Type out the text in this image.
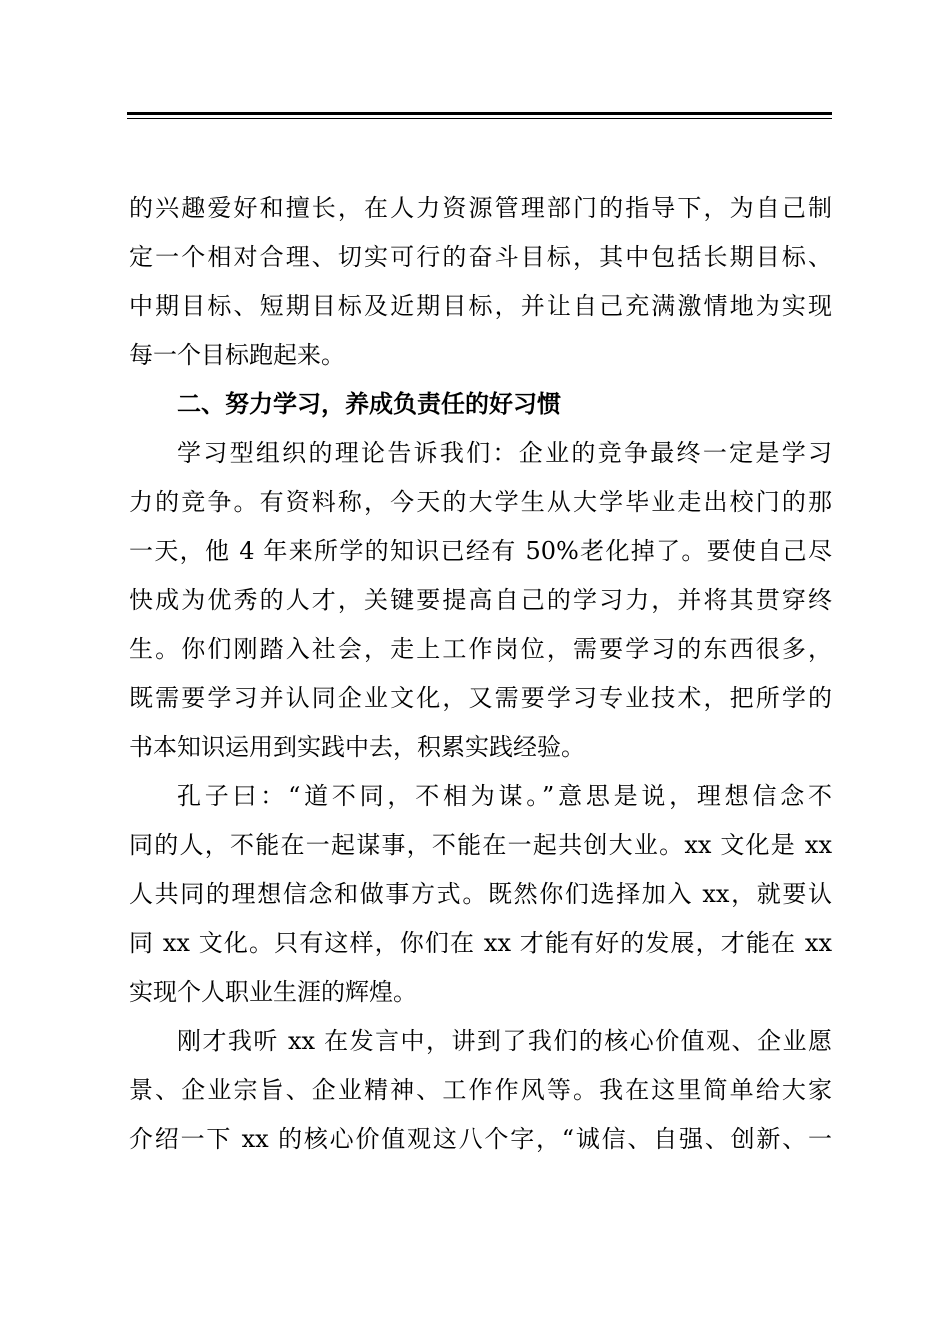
的兴趣爱好和擅长，在人力资源管理部门的指导下，为自己制
定一个相对合理、切实可行的奋斗目标，其中包括长期目标、
中期目标、短期目标及近期目标，并让自己充满激情地为实现
每一个目标跑起来。
二、努力学习，养成负责任的好习惯
学习型组织的理论告诉我们：企业的竞争最终一定是学习
力的竞争。有资料称，今天的大学生从大学毕业走出校门的那
一天，他 4 年来所学的知识已经有 50%老化掉了。要使自己尽
快成为优秀的人才，关键要提高自己的学习力，并将其贯穿终
生。你们刚踏入社会，走上工作岗位，需要学习的东西很多，
既需要学习并认同企业文化，又需要学习专业技术，把所学的
书本知识运用到实践中去，积累实践经验。
孔子曰：“道不同，不相为谋。”意思是说，理想信念不
同的人，不能在一起谋事，不能在一起共创大业。xx 文化是 xx
人共同的理想信念和做事方式。既然你们选择加入 xx，就要认
同 xx 文化。只有这样，你们在 xx 才能有好的发展，才能在 xx
实现个人职业生涯的辉煌。
刚才我听 xx 在发言中，讲到了我们的核心价值观、企业愿
景、企业宗旨、企业精神、工作作风等。我在这里简单给大家
介绍一下 xx 的核心价值观这八个字，“诚信、自强、创新、一
